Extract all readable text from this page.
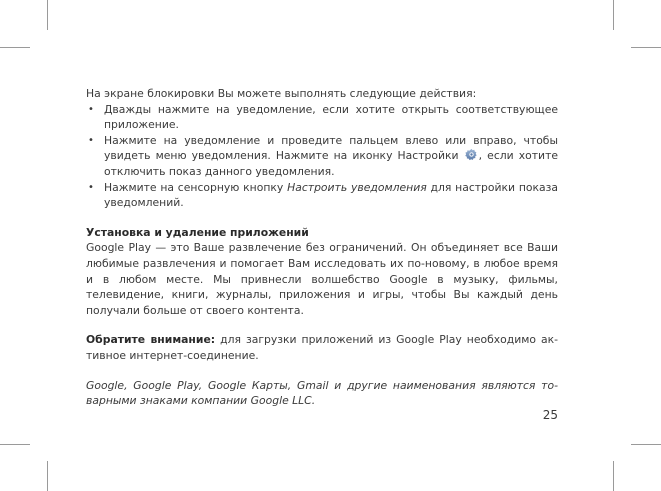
На экране блокировки Вы можете выполнять следующие действия:

• Дважды нажмите на уведомление, если хотите открыть соответствующее приложение.
• Нажмите на уведомление и проведите пальцем влево или вправо, чтобы увидеть меню уведомления. Нажмите на иконку Настройки , если хотите отключить показ данного уведомления.
• Нажмите на сенсорную кнопку Настроить уведомления для настройки показа уведомлений.
Установка и удаление приложений

Google Play — это Ваше развлечение без ограничений. Он объединяет все Ваши любимые развлечения и помогает Вам исследовать их по-новому, в любое время и в любом месте. Мы привнесли волшебство Google в музыку, фильмы, телевидение, книги, журналы, приложения и игры, чтобы Вы каждый день получали больше от своего контента.

Обратите внимание: для загрузки приложений из Google Play необходимо активное интернет-соединение.

Google, Google Play, Google Карты, Gmail и другие наименования являются товарными знаками компании Google LLC.

25
